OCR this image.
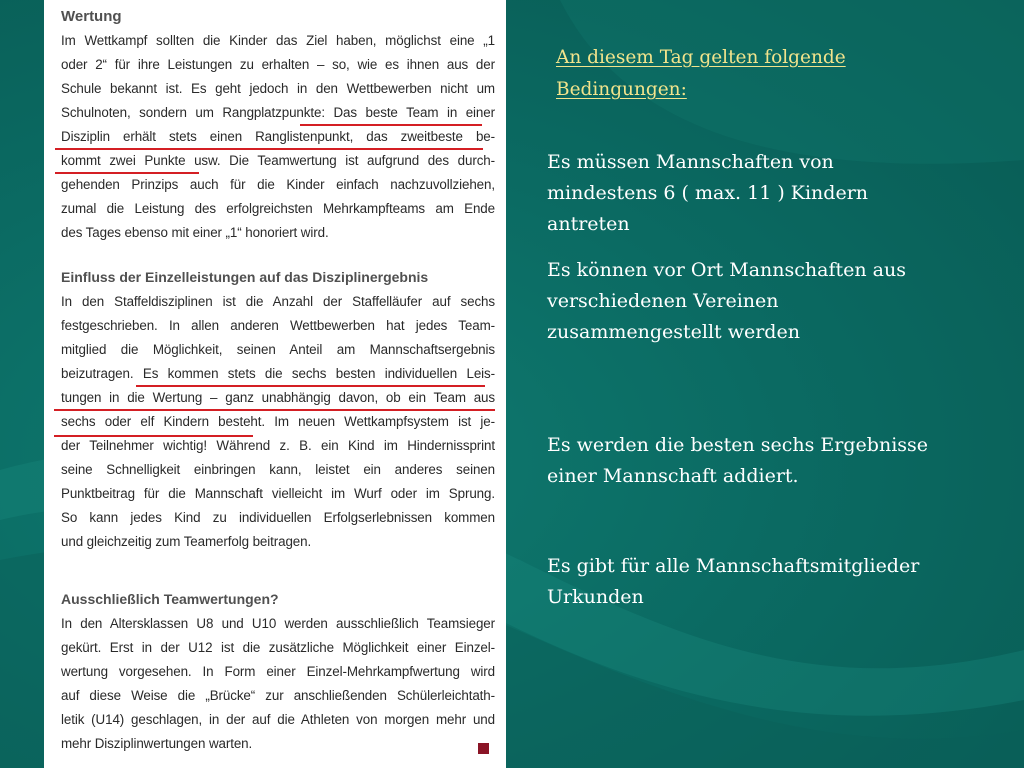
Wertung
Im Wettkampf sollten die Kinder das Ziel haben, möglichst eine „1
oder 2“ für ihre Leistungen zu erhalten – so, wie es ihnen aus der
Schule bekannt ist. Es geht jedoch in den Wettbewerben nicht um
Schulnoten, sondern um Rangplatzpunkte: Das beste Team in einer
Disziplin erhält stets einen Ranglistenpunkt, das zweitbeste be-
kommt zwei Punkte usw. Die Teamwertung ist aufgrund des durch-
gehenden Prinzips auch für die Kinder einfach nachzuvollziehen,
zumal die Leistung des erfolgreichsten Mehrkampfteams am Ende
des Tages ebenso mit einer „1“ honoriert wird.
Einfluss der Einzelleistungen auf das Disziplinergebnis
In den Staffeldisziplinen ist die Anzahl der Staffelläufer auf sechs
festgeschrieben. In allen anderen Wettbewerben hat jedes Team-
mitglied die Möglichkeit, seinen Anteil am Mannschaftsergebnis
beizutragen. Es kommen stets die sechs besten individuellen Leis-
tungen in die Wertung – ganz unabhängig davon, ob ein Team aus
sechs oder elf Kindern besteht. Im neuen Wettkampfsystem ist je-
der Teilnehmer wichtig! Während z. B. ein Kind im Hindernissprint
seine Schnelligkeit einbringen kann, leistet ein anderes seinen
Punktbeitrag für die Mannschaft vielleicht im Wurf oder im Sprung.
So kann jedes Kind zu individuellen Erfolgserlebnissen kommen
und gleichzeitig zum Teamerfolg beitragen.
Ausschließlich Teamwertungen?
In den Altersklassen U8 und U10 werden ausschließlich Teamsieger
gekürt. Erst in der U12 ist die zusätzliche Möglichkeit einer Einzel-
wertung vorgesehen. In Form einer Einzel-Mehrkampfwertung wird
auf diese Weise die „Brücke“ zur anschließenden Schülerleichtath-
letik (U14) geschlagen, in der auf die Athleten von morgen mehr und
mehr Disziplinwertungen warten.
An diesem Tag gelten folgende
Bedingungen:
Es müssen Mannschaften von
mindestens 6 ( max. 11 ) Kindern
antreten
Es können vor Ort Mannschaften aus
verschiedenen Vereinen
zusammengestellt werden
Es werden die besten sechs Ergebnisse
einer Mannschaft addiert.
Es gibt für alle Mannschaftsmitglieder
Urkunden
